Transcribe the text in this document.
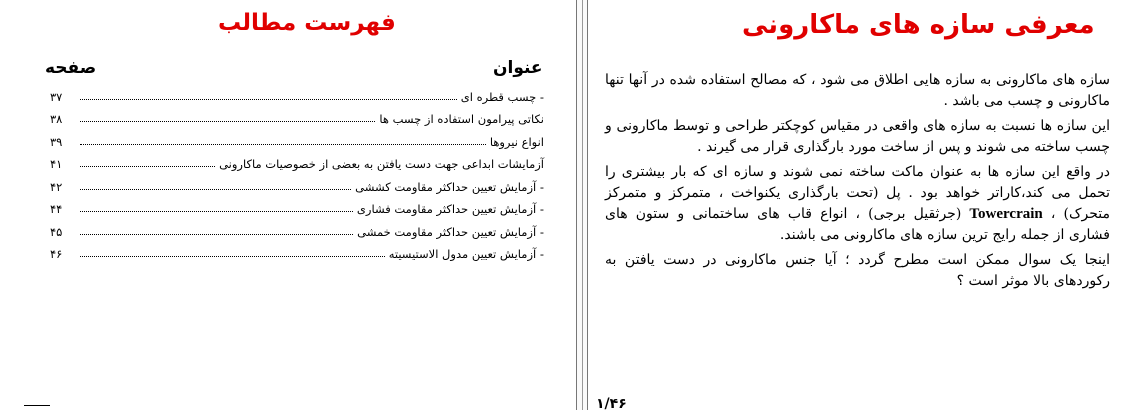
فهرست مطالب
عنوان
صفحه
۳۷	- چسب قطره ای
۳۸	نکاتی پیرامون استفاده از چسب ها
۳۹	انواع نیروها
۴۱	آزمایشات ابداعی جهت دست یافتن به بعضی از خصوصیات ماکارونی
۴۲	- آزمایش تعیین حداکثر مقاومت کششی
۴۴	- آزمایش تعیین حداکثر مقاومت فشاری
۴۵	- آزمایش تعیین حداکثر مقاومت خمشی
۴۶	- آزمایش تعیین مدول الاستیسیته
معرفی سازه های ماکارونی

سازه های ماکارونی به سازه هایی اطلاق می شود ، که مصالح استفاده شده در آنها تنها ماکارونی و چسب می باشد .

این سازه ها نسبت به سازه های واقعی در مقیاس کوچکتر طراحی و توسط ماکارونی و چسب ساخته می شوند و پس از ساخت مورد بارگذاری قرار می گیرند .

در واقع این سازه ها به عنوان ماکت ساخته نمی شوند و سازه ای که بار بیشتری را تحمل می کند،کاراتر خواهد بود . پل (تحت بارگذاری یکنواخت ، متمرکز و متمرکز متحرک) ، Towercrain (جرثقیل برجی) ، انواع قاب های ساختمانی و ستون های فشاری از جمله رایج ترین سازه های ماکارونی می باشند.

اینجا یک سوال ممکن است مطرح گردد ؛ آیا جنس ماکارونی در دست یافتن به رکوردهای بالا موثر است ؟

۱/۴۶
